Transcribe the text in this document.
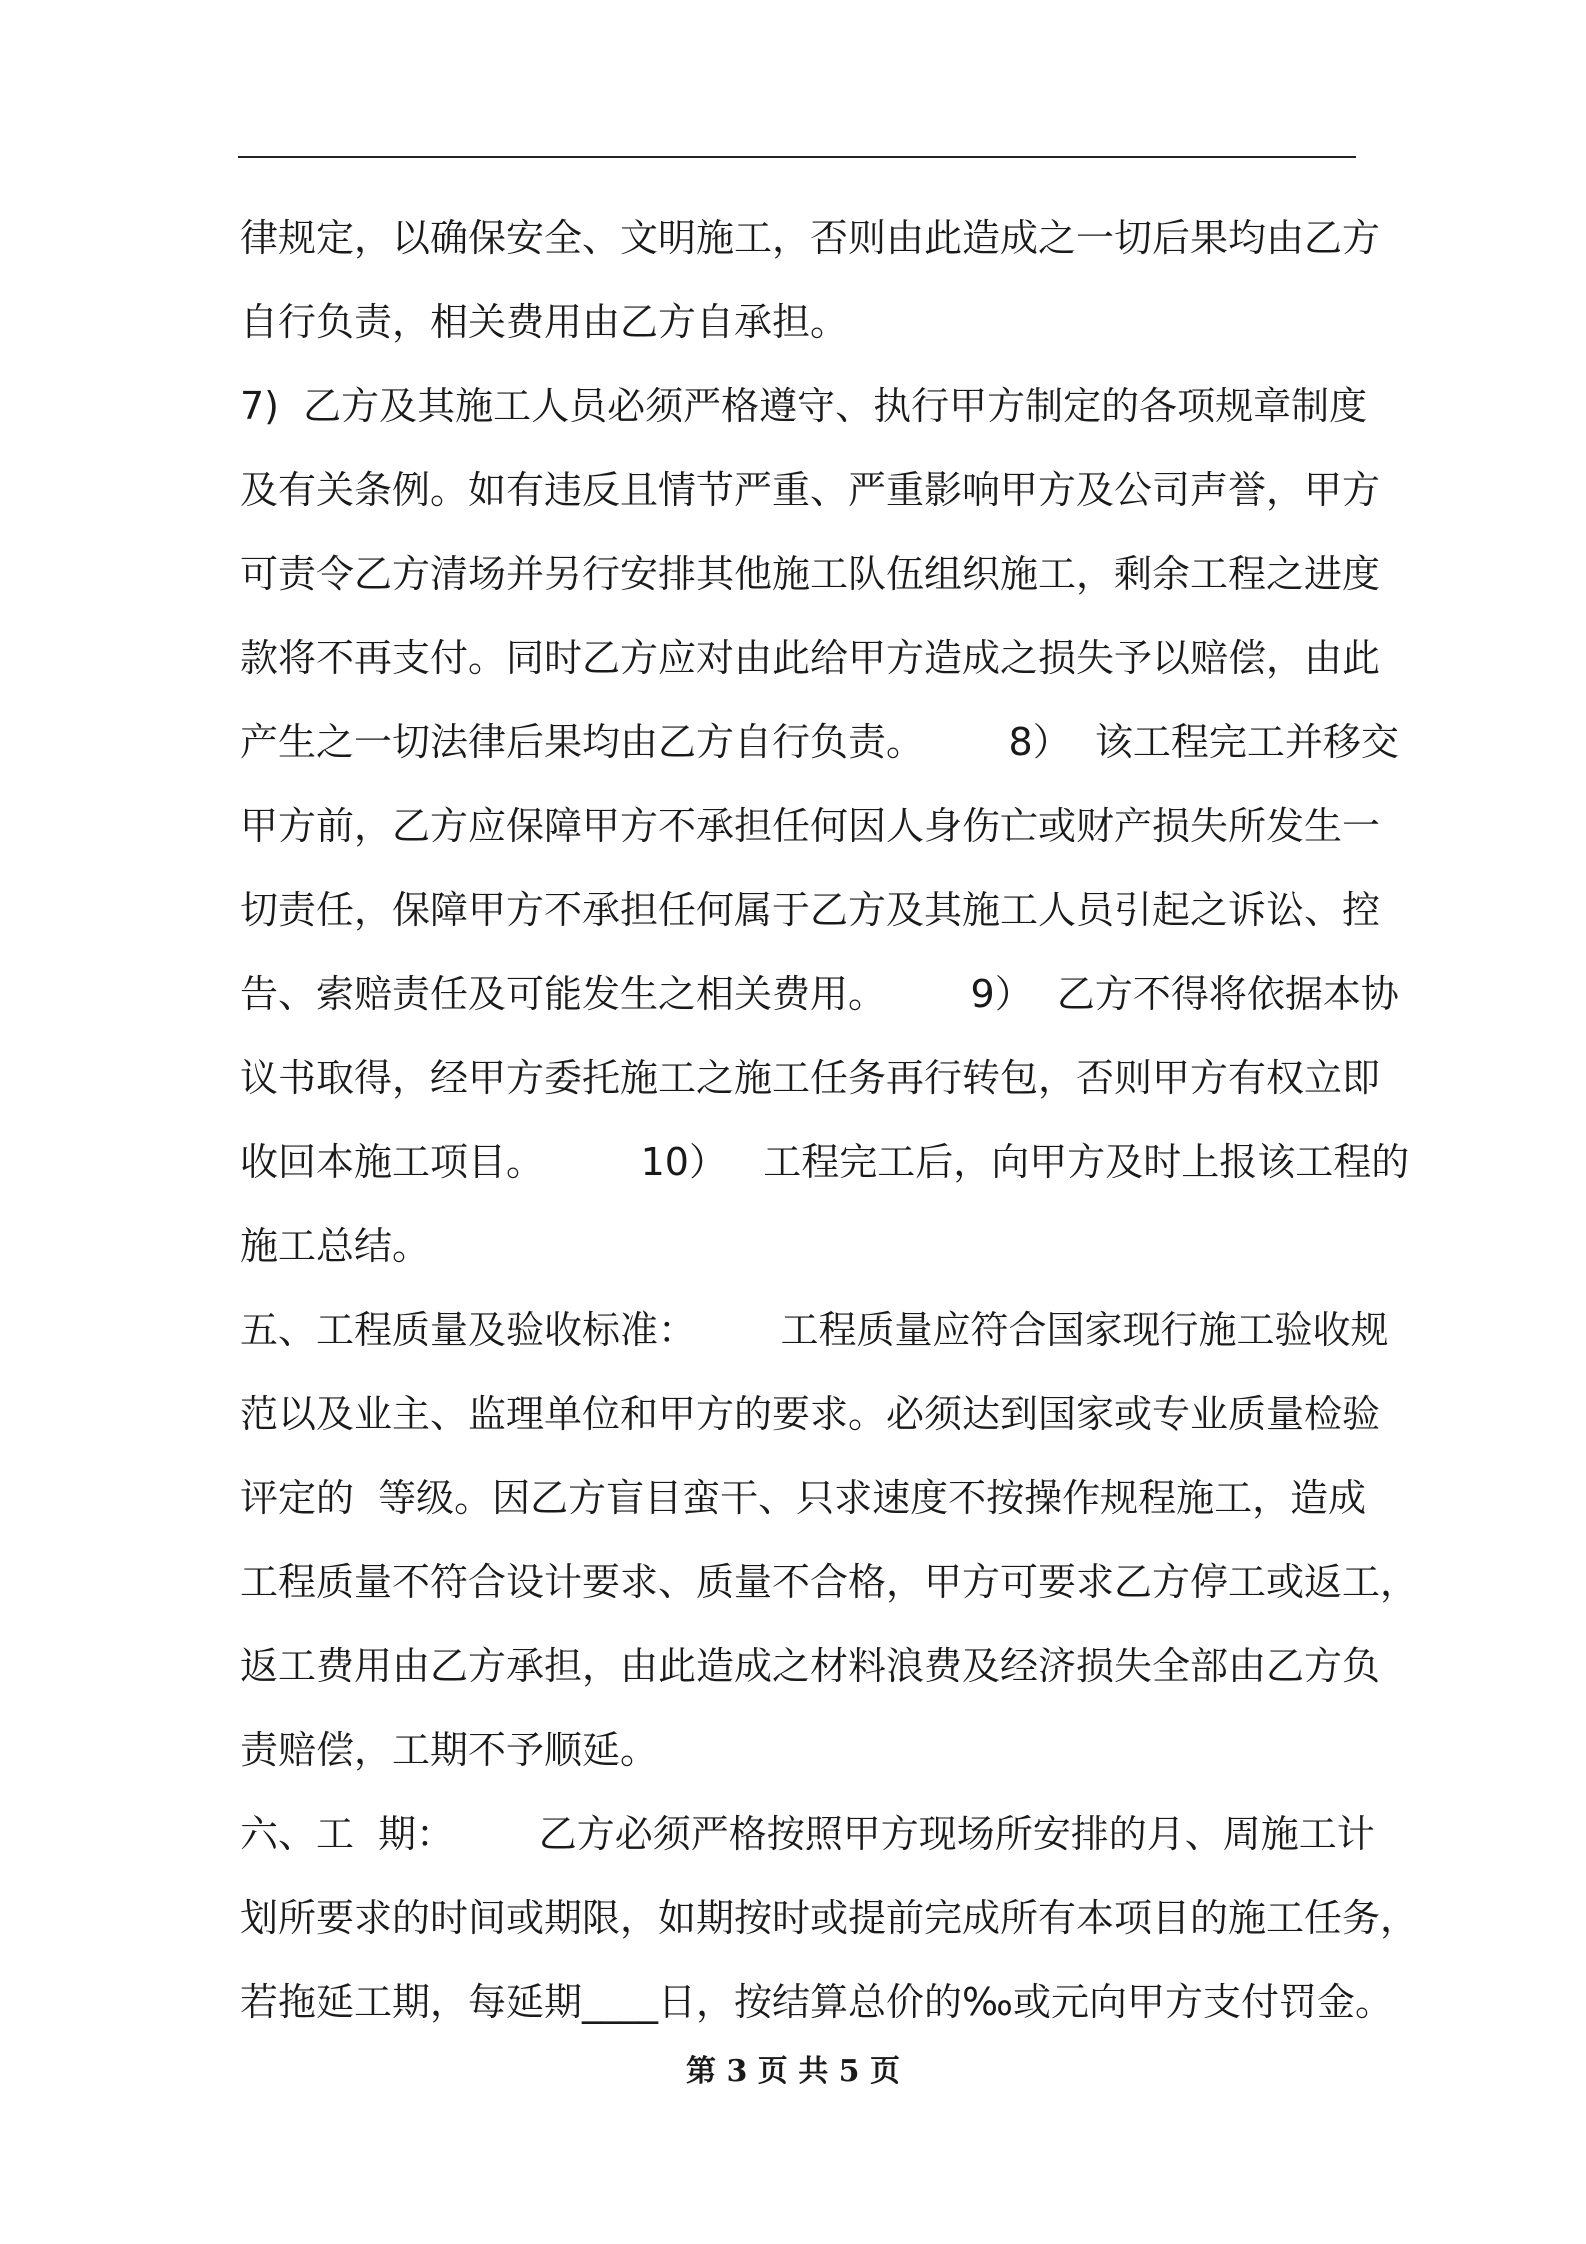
律规定，以确保安全、文明施工，否则由此造成之一切后果均由乙方
自行负责，相关费用由乙方自承担。
7)  乙方及其施工人员必须严格遵守、执行甲方制定的各项规章制度
及有关条例。如有违反且情节严重、严重影响甲方及公司声誉，甲方
可责令乙方清场并另行安排其他施工队伍组织施工，剩余工程之进度
款将不再支付。同时乙方应对由此给甲方造成之损失予以赔偿，由此
产生之一切法律后果均由乙方自行负责。       8）  该工程完工并移交
甲方前，乙方应保障甲方不承担任何因人身伤亡或财产损失所发生一
切责任，保障甲方不承担任何属于乙方及其施工人员引起之诉讼、控
告、索赔责任及可能发生之相关费用。       9）  乙方不得将依据本协
议书取得，经甲方委托施工之施工任务再行转包，否则甲方有权立即
收回本施工项目。        10）   工程完工后，向甲方及时上报该工程的
施工总结。
五、工程质量及验收标准：       工程质量应符合国家现行施工验收规
范以及业主、监理单位和甲方的要求。必须达到国家或专业质量检验
评定的  等级。因乙方盲目蛮干、只求速度不按操作规程施工，造成
工程质量不符合设计要求、质量不合格，甲方可要求乙方停工或返工，
返工费用由乙方承担，由此造成之材料浪费及经济损失全部由乙方负
责赔偿，工期不予顺延。
六、工  期：       乙方必须严格按照甲方现场所安排的月、周施工计
划所要求的时间或期限，如期按时或提前完成所有本项目的施工任务，
若拖延工期，每延期____日，按结算总价的‰或元向甲方支付罚金。
第 3 页 共 5 页
